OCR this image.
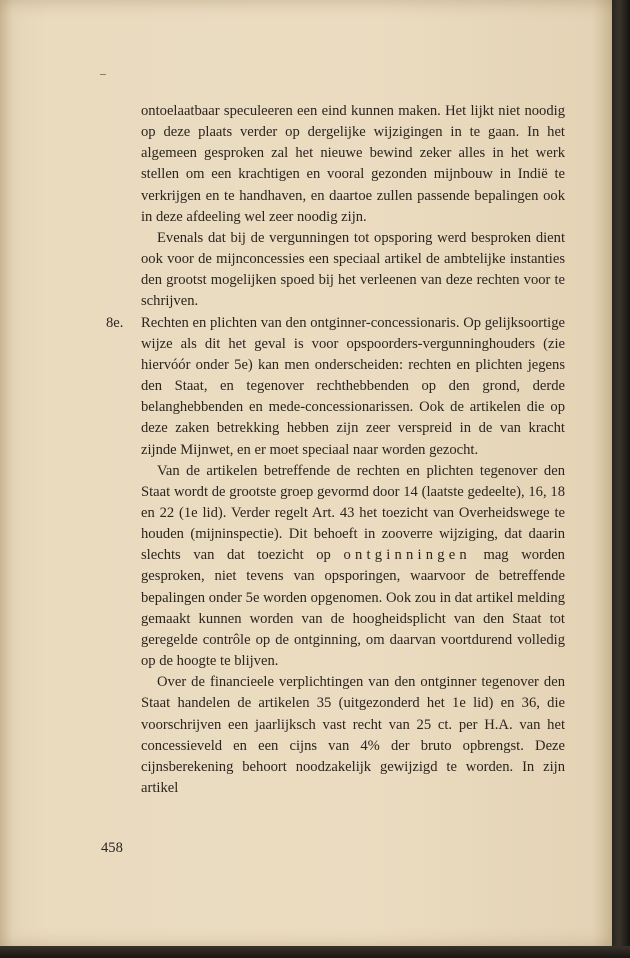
ontoelaatbaar speculeeren een eind kunnen maken. Het lijkt niet noodig op deze plaats verder op dergelijke wijzigingen in te gaan. In het algemeen gesproken zal het nieuwe bewind zeker alles in het werk stellen om een krachtigen en vooral gezonden mijnbouw in Indië te verkrijgen en te handhaven, en daartoe zullen passende bepalingen ook in deze afdeeling wel zeer noodig zijn.

Evenals dat bij de vergunningen tot opsporing werd besproken dient ook voor de mijnconcessies een speciaal artikel de ambtelijke instanties den grootst mogelijken spoed bij het verleenen van deze rechten voor te schrijven.

8e. Rechten en plichten van den ontginner-concessionaris. Op gelijksoortige wijze als dit het geval is voor opspoorders-vergunninghouders (zie hiervóór onder 5e) kan men onderscheiden: rechten en plichten jegens den Staat, en tegenover rechthebbenden op den grond, derde belanghebbenden en mede-concessionarissen. Ook de artikelen die op deze zaken betrekking hebben zijn zeer verspreid in de van kracht zijnde Mijnwet, en er moet speciaal naar worden gezocht.

Van de artikelen betreffende de rechten en plichten tegenover den Staat wordt de grootste groep gevormd door 14 (laatste gedeelte), 16, 18 en 22 (1e lid). Verder regelt Art. 43 het toezicht van Overheidswege te houden (mijninspectie). Dit behoeft in zooverre wijziging, dat daarin slechts van dat toezicht op ontginningen mag worden gesproken, niet tevens van opsporingen, waarvoor de betreffende bepalingen onder 5e worden opgenomen. Ook zou in dat artikel melding gemaakt kunnen worden van de hoogheidsplicht van den Staat tot geregelde contrôle op de ontginning, om daarvan voortdurend volledig op de hoogte te blijven.

Over de financieele verplichtingen van den ontginner tegenover den Staat handelen de artikelen 35 (uitgezonderd het 1e lid) en 36, die voorschrijven een jaarlijksch vast recht van 25 ct. per H.A. van het concessieveld en een cijns van 4% der bruto opbrengst. Deze cijnsberekening behoort noodzakelijk gewijzigd te worden. In zijn artikel

458
